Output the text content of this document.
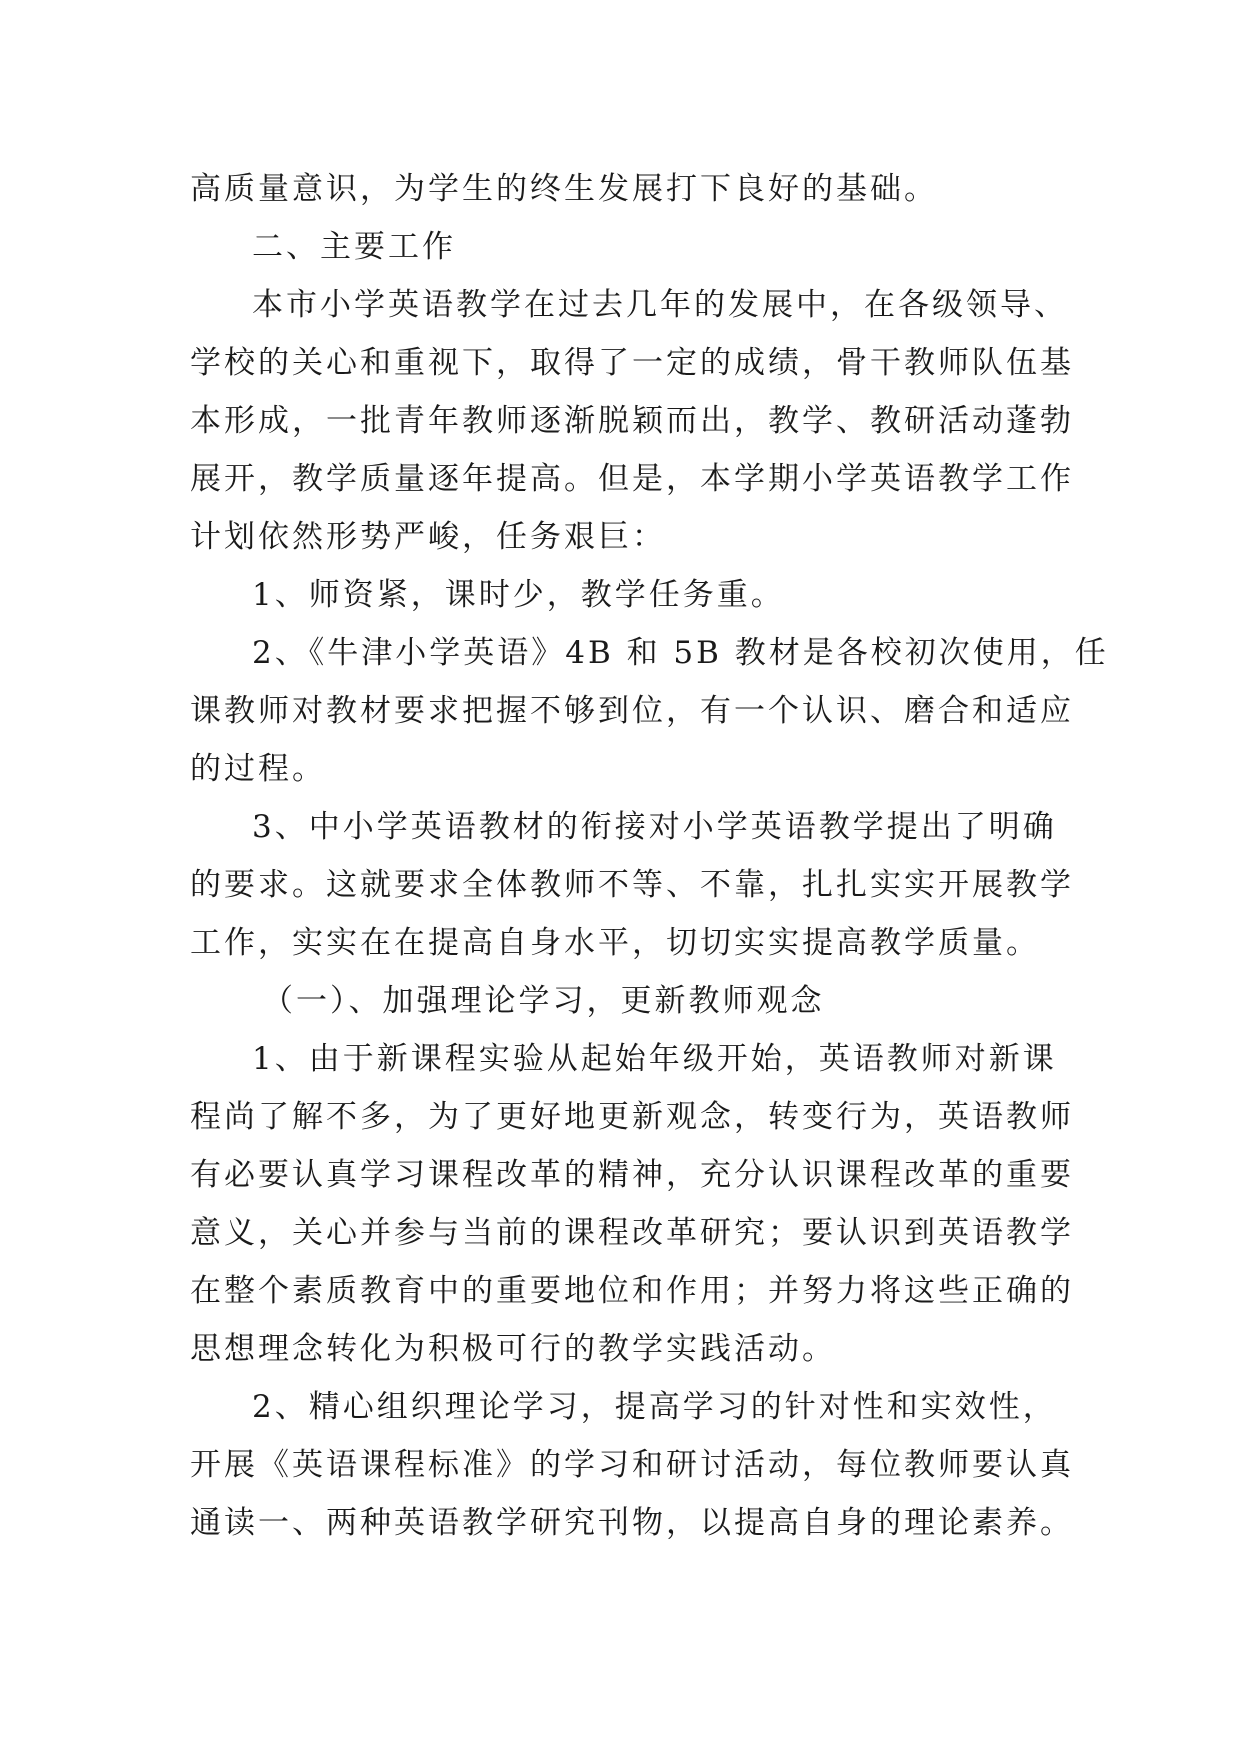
高质量意识，为学生的终生发展打下良好的基础。
二、主要工作
本市小学英语教学在过去几年的发展中，在各级领导、
学校的关心和重视下，取得了一定的成绩，骨干教师队伍基
本形成，一批青年教师逐渐脱颖而出，教学、教研活动蓬勃
展开，教学质量逐年提高。但是，本学期小学英语教学工作
计划依然形势严峻，任务艰巨：
1、师资紧，课时少，教学任务重。
2、《牛津小学英语》4B 和 5B 教材是各校初次使用，任
课教师对教材要求把握不够到位，有一个认识、磨合和适应
的过程。
3、中小学英语教材的衔接对小学英语教学提出了明确
的要求。这就要求全体教师不等、不靠，扎扎实实开展教学
工作，实实在在提高自身水平，切切实实提高教学质量。
（一）、加强理论学习，更新教师观念
1、由于新课程实验从起始年级开始，英语教师对新课
程尚了解不多，为了更好地更新观念，转变行为，英语教师
有必要认真学习课程改革的精神，充分认识课程改革的重要
意义，关心并参与当前的课程改革研究；要认识到英语教学
在整个素质教育中的重要地位和作用；并努力将这些正确的
思想理念转化为积极可行的教学实践活动。
2、精心组织理论学习，提高学习的针对性和实效性，
开展《英语课程标准》的学习和研讨活动，每位教师要认真
通读一、两种英语教学研究刊物，以提高自身的理论素养。
